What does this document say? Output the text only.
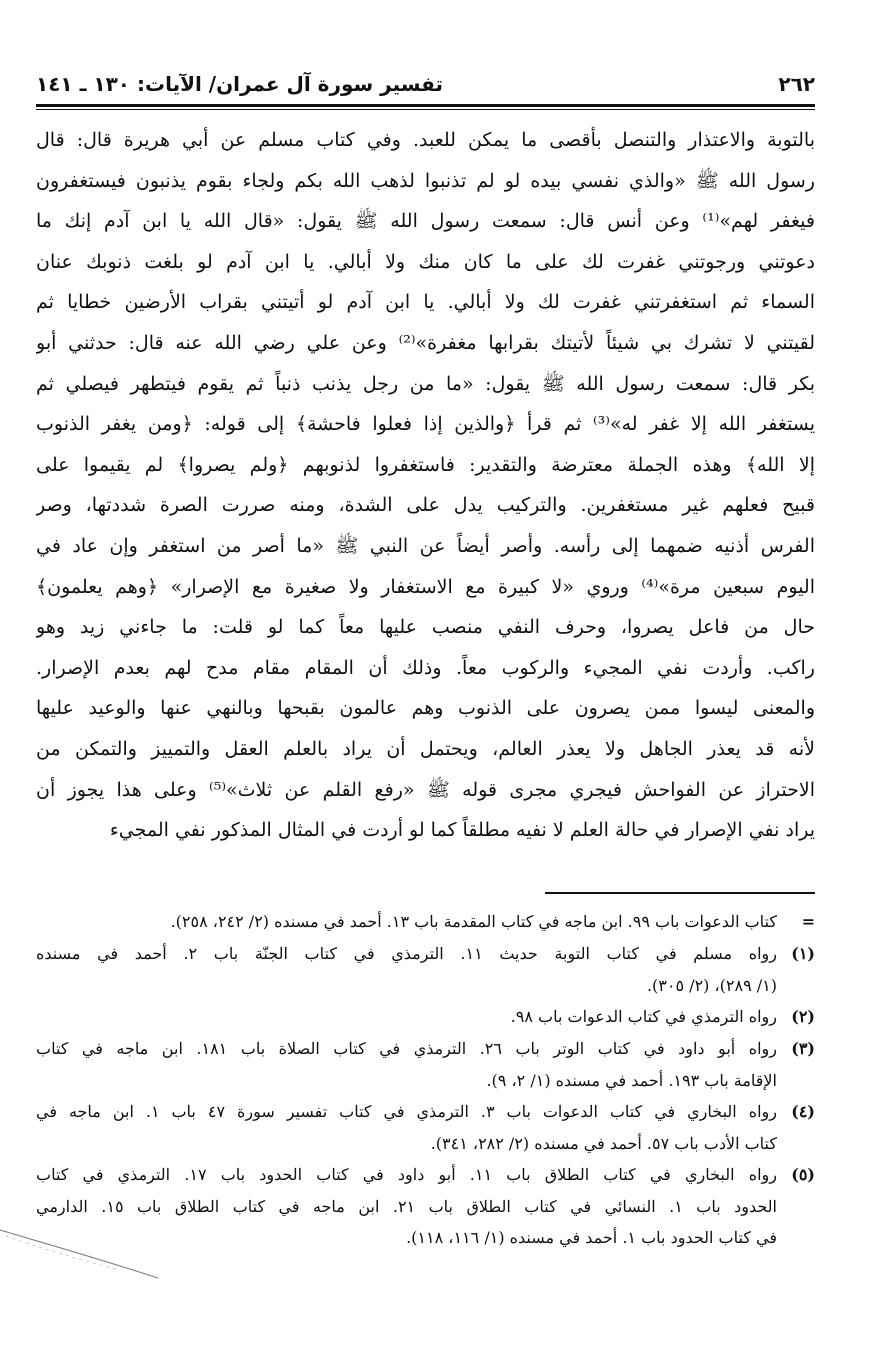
٢٦٢
تفسير سورة آل عمران/ الآيات: ١٣٠ ـ ١٤١
بالتوبة والاعتذار والتنصل بأقصى ما يمكن للعبد. وفي كتاب مسلم عن أبي هريرة قال: قال
رسول الله ﷺ «والذي نفسي بيده لو لم تذنبوا لذهب الله بكم ولجاء بقوم يذنبون فيستغفرون
فيغفر لهم»⁽¹⁾ وعن أنس قال: سمعت رسول الله ﷺ يقول: «قال الله يا ابن آدم إنك ما
دعوتني ورجوتني غفرت لك على ما كان منك ولا أبالي. يا ابن آدم لو بلغت ذنوبك عنان
السماء ثم استغفرتني غفرت لك ولا أبالي. يا ابن آدم لو أتيتني بقراب الأرضين خطايا ثم
لقيتني لا تشرك بي شيئاً لأتيتك بقرابها مغفرة»⁽²⁾ وعن علي رضي الله عنه قال: حدثني أبو
بكر قال: سمعت رسول الله ﷺ يقول: «ما من رجل يذنب ذنباً ثم يقوم فيتطهر فيصلي ثم
يستغفر الله إلا غفر له»⁽³⁾ ثم قرأ ﴿والذين إذا فعلوا فاحشة﴾ إلى قوله: ﴿ومن يغفر الذنوب
إلا الله﴾ وهذه الجملة معترضة والتقدير: فاستغفروا لذنوبهم ﴿ولم يصروا﴾ لم يقيموا على
قبيح فعلهم غير مستغفرين. والتركيب يدل على الشدة، ومنه صررت الصرة شددتها، وصر
الفرس أذنيه ضمهما إلى رأسه. وأصر أيضاً عن النبي ﷺ «ما أصر من استغفر وإن عاد في
اليوم سبعين مرة»⁽⁴⁾ وروي «لا كبيرة مع الاستغفار ولا صغيرة مع الإصرار» ﴿وهم يعلمون﴾
حال من فاعل يصروا، وحرف النفي منصب عليها معاً كما لو قلت: ما جاءني زيد وهو
راكب. وأردت نفي المجيء والركوب معاً. وذلك أن المقام مقام مدح لهم بعدم الإصرار.
والمعنى ليسوا ممن يصرون على الذنوب وهم عالمون بقبحها وبالنهي عنها والوعيد عليها
لأنه قد يعذر الجاهل ولا يعذر العالم، ويحتمل أن يراد بالعلم العقل والتمييز والتمكن من
الاحتراز عن الفواحش فيجري مجرى قوله ﷺ «رفع القلم عن ثلاث»⁽⁵⁾ وعلى هذا يجوز أن
يراد نفي الإصرار في حالة العلم لا نفيه مطلقاً كما لو أردت في المثال المذكور نفي المجيء
=
كتاب الدعوات باب ٩٩. ابن ماجه في كتاب المقدمة باب ١٣. أحمد في مسنده (٢/ ٢٤٢، ٢٥٨).
(١)
رواه مسلم في كتاب التوبة حديث ١١. الترمذي في كتاب الجنّة باب ٢. أحمد في مسنده
(١/ ٢٨٩)، (٢/ ٣٠٥).
(٢)
رواه الترمذي في كتاب الدعوات باب ٩٨.
(٣)
رواه أبو داود في كتاب الوتر باب ٢٦. الترمذي في كتاب الصلاة باب ١٨١. ابن ماجه في كتاب
الإقامة باب ١٩٣. أحمد في مسنده (١/ ٢، ٩).
(٤)
رواه البخاري في كتاب الدعوات باب ٣. الترمذي في كتاب تفسير سورة ٤٧ باب ١. ابن ماجه في
كتاب الأدب باب ٥٧. أحمد في مسنده (٢/ ٢٨٢، ٣٤١).
(٥)
رواه البخاري في كتاب الطلاق باب ١١. أبو داود في كتاب الحدود باب ١٧. الترمذي في كتاب
الحدود باب ١. النسائي في كتاب الطلاق باب ٢١. ابن ماجه في كتاب الطلاق باب ١٥. الدارمي
في كتاب الحدود باب ١. أحمد في مسنده (١/ ١١٦، ١١٨).
